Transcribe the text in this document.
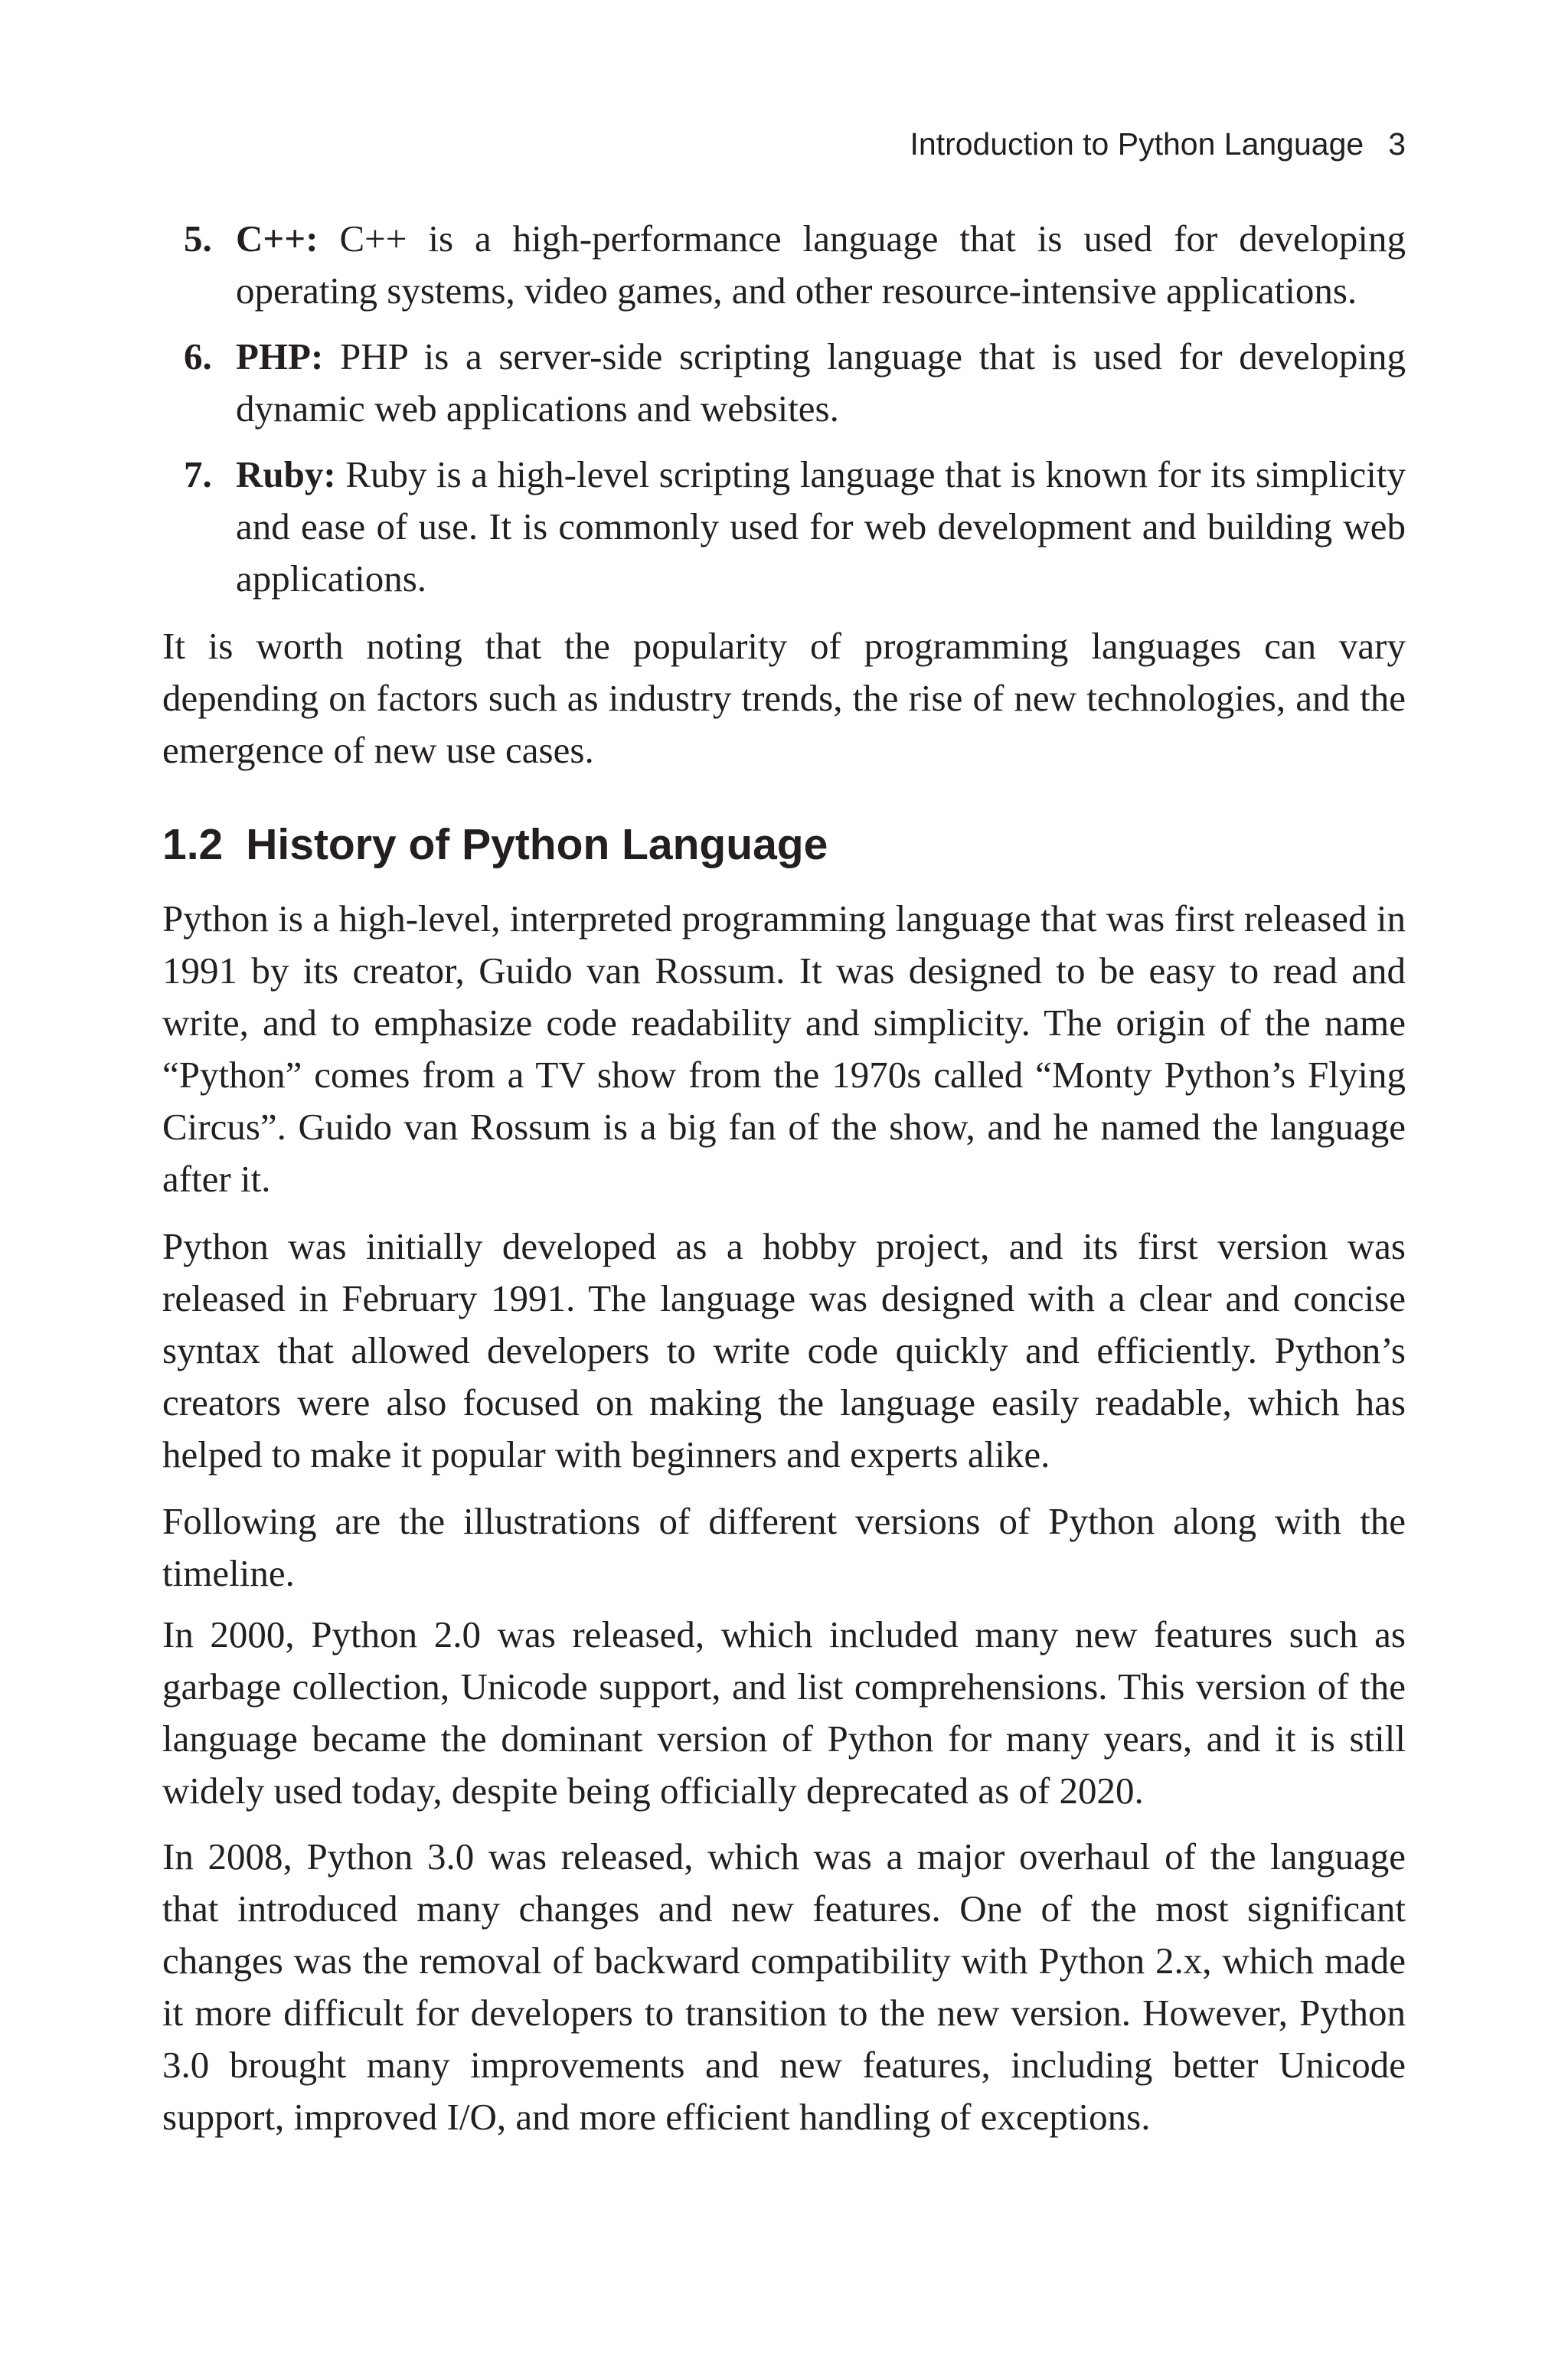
Introduction to Python Language 3
5. C++: C++ is a high-performance language that is used for developing operating systems, video games, and other resource-intensive applications.
6. PHP: PHP is a server-side scripting language that is used for developing dynamic web applications and websites.
7. Ruby: Ruby is a high-level scripting language that is known for its simplicity and ease of use. It is commonly used for web development and building web applications.

It is worth noting that the popularity of programming languages can vary depending on factors such as industry trends, the rise of new technologies, and the emergence of new use cases.

1.2 History of Python Language

Python is a high-level, interpreted programming language that was first released in 1991 by its creator, Guido van Rossum. It was designed to be easy to read and write, and to emphasize code readability and simplicity. The origin of the name “Python” comes from a TV show from the 1970s called “Monty Python’s Flying Circus”. Guido van Rossum is a big fan of the show, and he named the language after it.

Python was initially developed as a hobby project, and its first version was released in February 1991. The language was designed with a clear and concise syntax that allowed developers to write code quickly and efficiently. Python’s creators were also focused on making the language easily readable, which has helped to make it popular with beginners and experts alike.

Following are the illustrations of different versions of Python along with the timeline.

In 2000, Python 2.0 was released, which included many new features such as garbage collection, Unicode support, and list comprehensions. This version of the language became the dominant version of Python for many years, and it is still widely used today, despite being officially deprecated as of 2020.

In 2008, Python 3.0 was released, which was a major overhaul of the language that introduced many changes and new features. One of the most significant changes was the removal of backward compatibility with Python 2.x, which made it more difficult for developers to transition to the new version. However, Python 3.0 brought many improvements and new features, including better Unicode support, improved I/O, and more efficient handling of exceptions.
